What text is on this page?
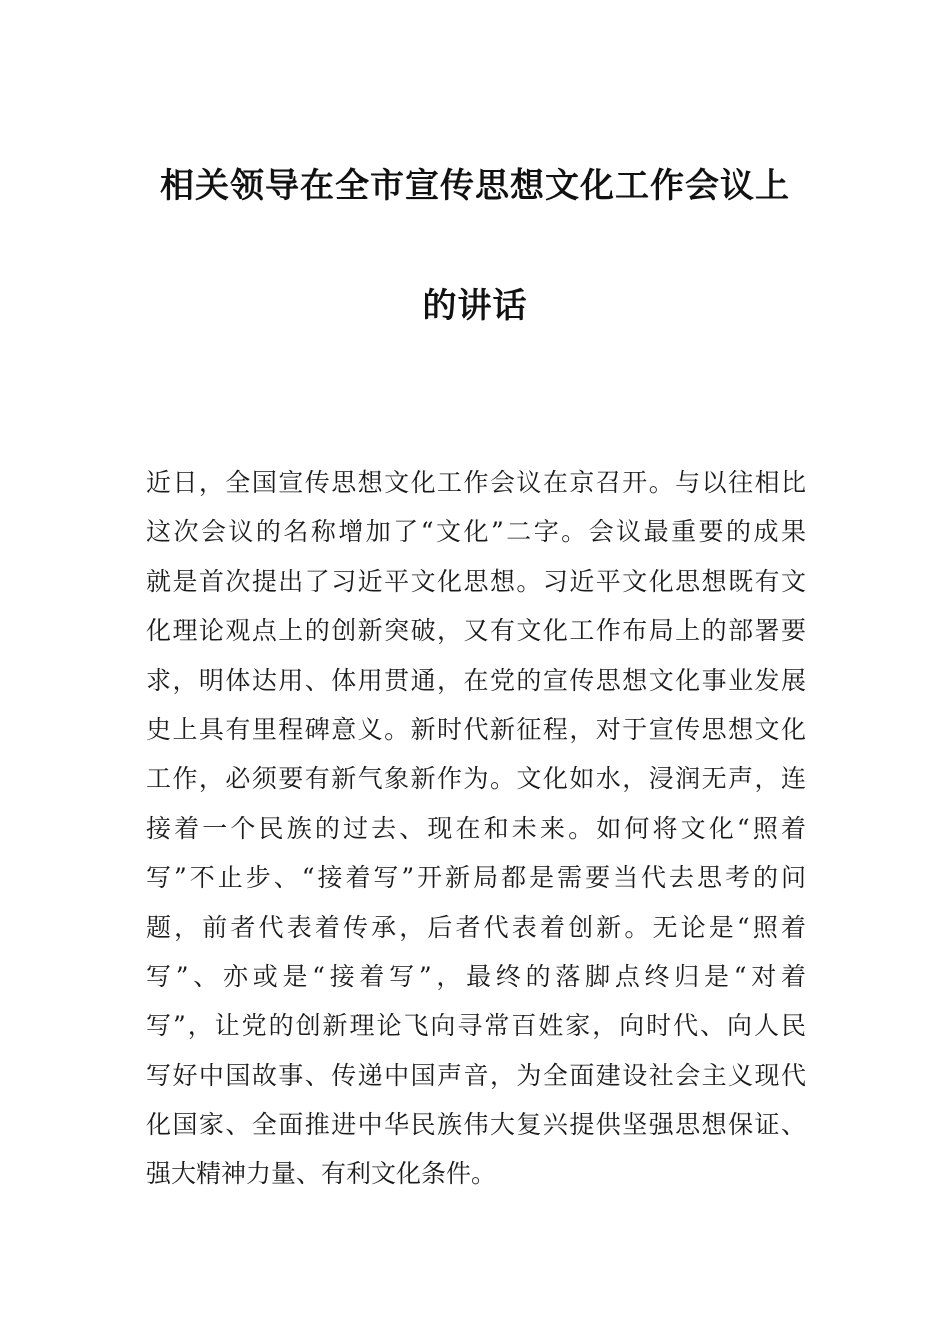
相关领导在全市宣传思想文化工作会议上
的讲话
近日，全国宣传思想文化工作会议在京召开。与以往相比
这次会议的名称增加了“文化”二字。会议最重要的成果
就是首次提出了习近平文化思想。习近平文化思想既有文
化理论观点上的创新突破，又有文化工作布局上的部署要
求，明体达用、体用贯通，在党的宣传思想文化事业发展
史上具有里程碑意义。新时代新征程，对于宣传思想文化
工作，必须要有新气象新作为。文化如水，浸润无声，连
接着一个民族的过去、现在和未来。如何将文化“照着
写”不止步、“接着写”开新局都是需要当代去思考的问
题，前者代表着传承，后者代表着创新。无论是“照着
写”、亦或是“接着写”，最终的落脚点终归是“对着
写”，让党的创新理论飞向寻常百姓家，向时代、向人民
写好中国故事、传递中国声音，为全面建设社会主义现代
化国家、全面推进中华民族伟大复兴提供坚强思想保证、
强大精神力量、有利文化条件。
